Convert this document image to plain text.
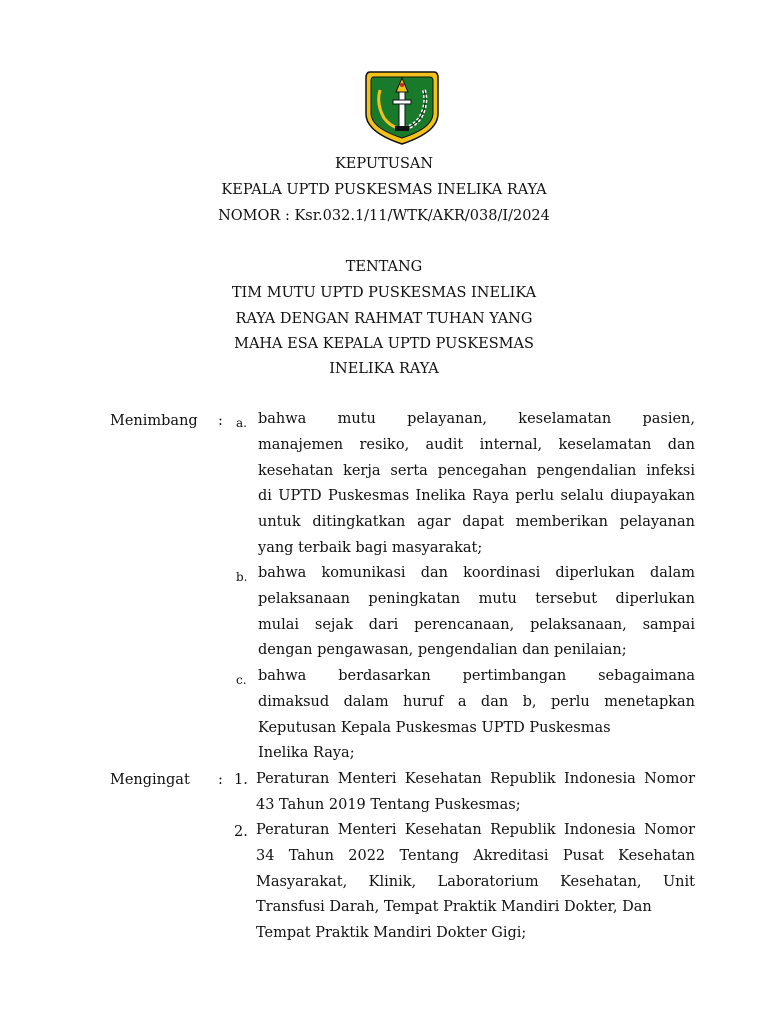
KEPUTUSAN
KEPALA UPTD PUSKESMAS INELIKA RAYA
NOMOR : Ksr.032.1/11/WTK/AKR/038/I/2024
TENTANG
TIM MUTU UPTD PUSKESMAS INELIKA
RAYA DENGAN RAHMAT TUHAN YANG
MAHA ESA KEPALA UPTD PUSKESMAS
INELIKA RAYA
Menimbang : a. bahwa mutu pelayanan, keselamatan pasien,
manajemen resiko, audit internal, keselamatan dan
kesehatan kerja serta pencegahan pengendalian infeksi
di UPTD Puskesmas Inelika Raya perlu selalu diupayakan
untuk ditingkatkan agar dapat memberikan pelayanan
yang terbaik bagi masyarakat;
b. bahwa komunikasi dan koordinasi diperlukan dalam
pelaksanaan peningkatan mutu tersebut diperlukan
mulai sejak dari perencanaan, pelaksanaan, sampai
dengan pengawasan, pengendalian dan penilaian;
c. bahwa berdasarkan pertimbangan sebagaimana
dimaksud dalam huruf a dan b, perlu menetapkan
Keputusan Kepala Puskesmas UPTD Puskesmas
Inelika Raya;
Mengingat : 1. Peraturan Menteri Kesehatan Republik Indonesia Nomor
43 Tahun 2019 Tentang Puskesmas;
2. Peraturan Menteri Kesehatan Republik Indonesia Nomor
34 Tahun 2022 Tentang Akreditasi Pusat Kesehatan
Masyarakat, Klinik, Laboratorium Kesehatan, Unit
Transfusi Darah, Tempat Praktik Mandiri Dokter, Dan
Tempat Praktik Mandiri Dokter Gigi;
